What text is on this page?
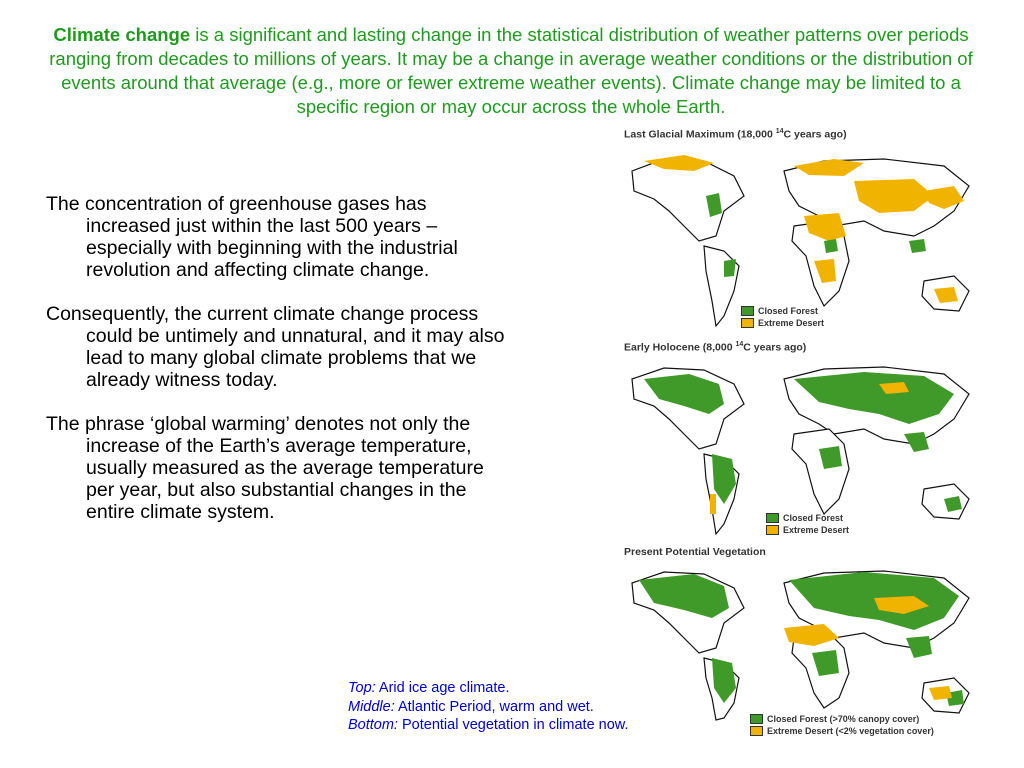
Climate change is a significant and lasting change in the statistical distribution of weather patterns over periods ranging from decades to millions of years. It may be a change in average weather conditions or the distribution of events around that average (e.g., more or fewer extreme weather events). Climate change may be limited to a specific region or may occur across the whole Earth.

The concentration of greenhouse gases has increased just within the last 500 years – especially with beginning with the industrial revolution and affecting climate change.

Consequently, the current climate change process could be untimely and unnatural, and it may also lead to many global climate problems that we already witness today.

The phrase ‘global warming’ denotes not only the increase of the Earth’s average temperature, usually measured as the average temperature per year, but also substantial changes in the entire climate system.

Last Glacial Maximum (18,000 $^{14}$C years ago)
Closed Forest
Extreme Desert
Early Holocene (8,000 $^{14}$C years ago)
Closed Forest
Extreme Desert
Present Potential Vegetation
Closed Forest (>70% canopy cover)
Extreme Desert (<2% vegetation cover)
Top: Arid ice age climate.
Middle: Atlantic Period, warm and wet.
Bottom: Potential vegetation in climate now.
